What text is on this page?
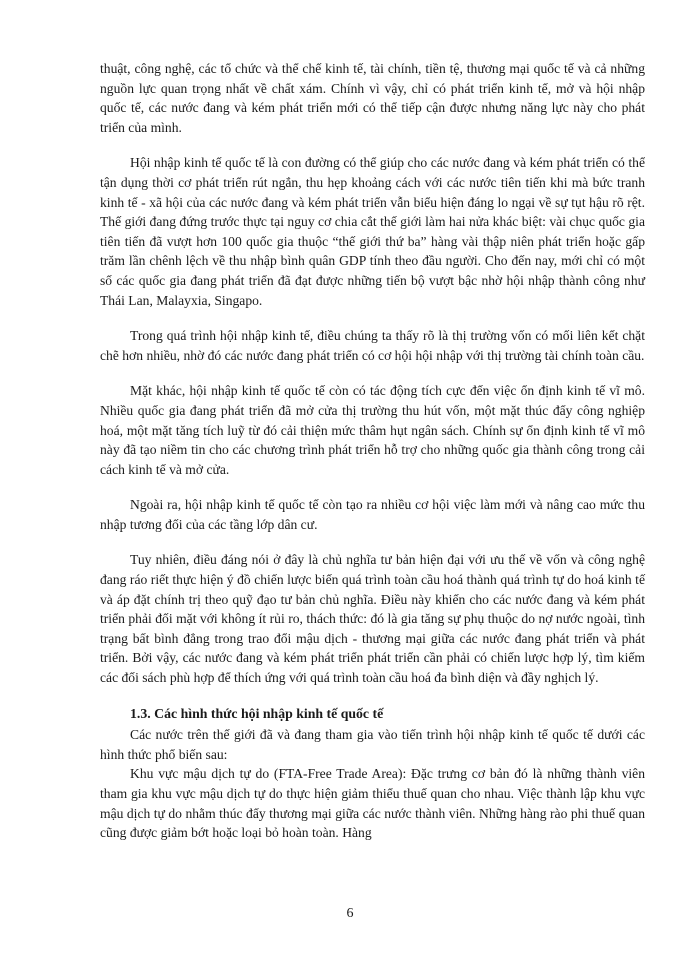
thuật, công nghệ, các tổ chức và thể chế kinh tế, tài chính, tiền tệ, thương mại quốc tế và cả những nguồn lực quan trọng nhất về chất xám. Chính vì vậy, chỉ có phát triển kinh tế, mở và hội nhập quốc tế, các nước đang và kém phát triển mới có thể tiếp cận được nhưng năng lực này cho phát triển của mình.

Hội nhập kinh tế quốc tế là con đường có thể giúp cho các nước đang và kém phát triển có thể tận dụng thời cơ phát triển rút ngắn, thu hẹp khoảng cách với các nước tiên tiến khi mà bức tranh kinh tế - xã hội của các nước đang và kém phát triển vẫn biểu hiện đáng lo ngại về sự tụt hậu rõ rệt. Thế giới đang đứng trước thực tại nguy cơ chia cắt thế giới làm hai nửa khác biệt: vài chục quốc gia tiên tiến đã vượt hơn 100 quốc gia thuộc “thế giới thứ ba” hàng vài thập niên phát triển hoặc gấp trăm lần chênh lệch về thu nhập bình quân GDP tính theo đầu người. Cho đến nay, mới chỉ có một số các quốc gia đang phát triển đã đạt được những tiến bộ vượt bậc nhờ hội nhập thành công như Thái Lan, Malayxia, Singapo.

Trong quá trình hội nhập kinh tế, điều chúng ta thấy rõ là thị trường vốn có mối liên kết chặt chẽ hơn nhiều, nhờ đó các nước đang phát triển có cơ hội hội nhập với thị trường tài chính toàn cầu.

Mặt khác, hội nhập kinh tế quốc tế còn có tác động tích cực đến việc ổn định kinh tế vĩ mô. Nhiều quốc gia đang phát triển đã mở cửa thị trường thu hút vốn, một mặt thúc đẩy công nghiệp hoá, một mặt tăng tích luỹ từ đó cải thiện mức thâm hụt ngân sách. Chính sự ổn định kinh tế vĩ mô này đã tạo niềm tin cho các chương trình phát triển hỗ trợ cho những quốc gia thành công trong cải cách kinh tế và mở cửa.

Ngoài ra, hội nhập kinh tế quốc tế còn tạo ra nhiều cơ hội việc làm mới và nâng cao mức thu nhập tương đối của các tầng lớp dân cư.

Tuy nhiên, điều đáng nói ở đây là chủ nghĩa tư bản hiện đại với ưu thế về vốn và công nghệ đang ráo riết thực hiện ý đồ chiến lược biến quá trình toàn cầu hoá thành quá trình tự do hoá kinh tế và áp đặt chính trị theo quỹ đạo tư bản chủ nghĩa. Điều này khiến cho các nước đang và kém phát triển phải đối mặt với không ít rủi ro, thách thức: đó là gia tăng sự phụ thuộc do nợ nước ngoài, tình trạng bất bình đẳng trong trao đổi mậu dịch - thương mại giữa các nước đang phát triển và phát triển. Bởi vậy, các nước đang và kém phát triển phát triển cần phải có chiến lược hợp lý, tìm kiếm các đối sách phù hợp để thích ứng với quá trình toàn cầu hoá đa bình diện và đầy nghịch lý.

1.3. Các hình thức hội nhập kinh tế quốc tế

Các nước trên thế giới đã và đang tham gia vào tiến trình hội nhập kinh tế quốc tế dưới các hình thức phổ biến sau:

Khu vực mậu dịch tự do (FTA-Free Trade Area): Đặc trưng cơ bản đó là những thành viên tham gia khu vực mậu dịch tự do thực hiện giảm thiểu thuế quan cho nhau. Việc thành lập khu vực mậu dịch tự do nhằm thúc đẩy thương mại giữa các nước thành viên. Những hàng rào phi thuế quan cũng được giảm bớt hoặc loại bỏ hoàn toàn. Hàng

6
